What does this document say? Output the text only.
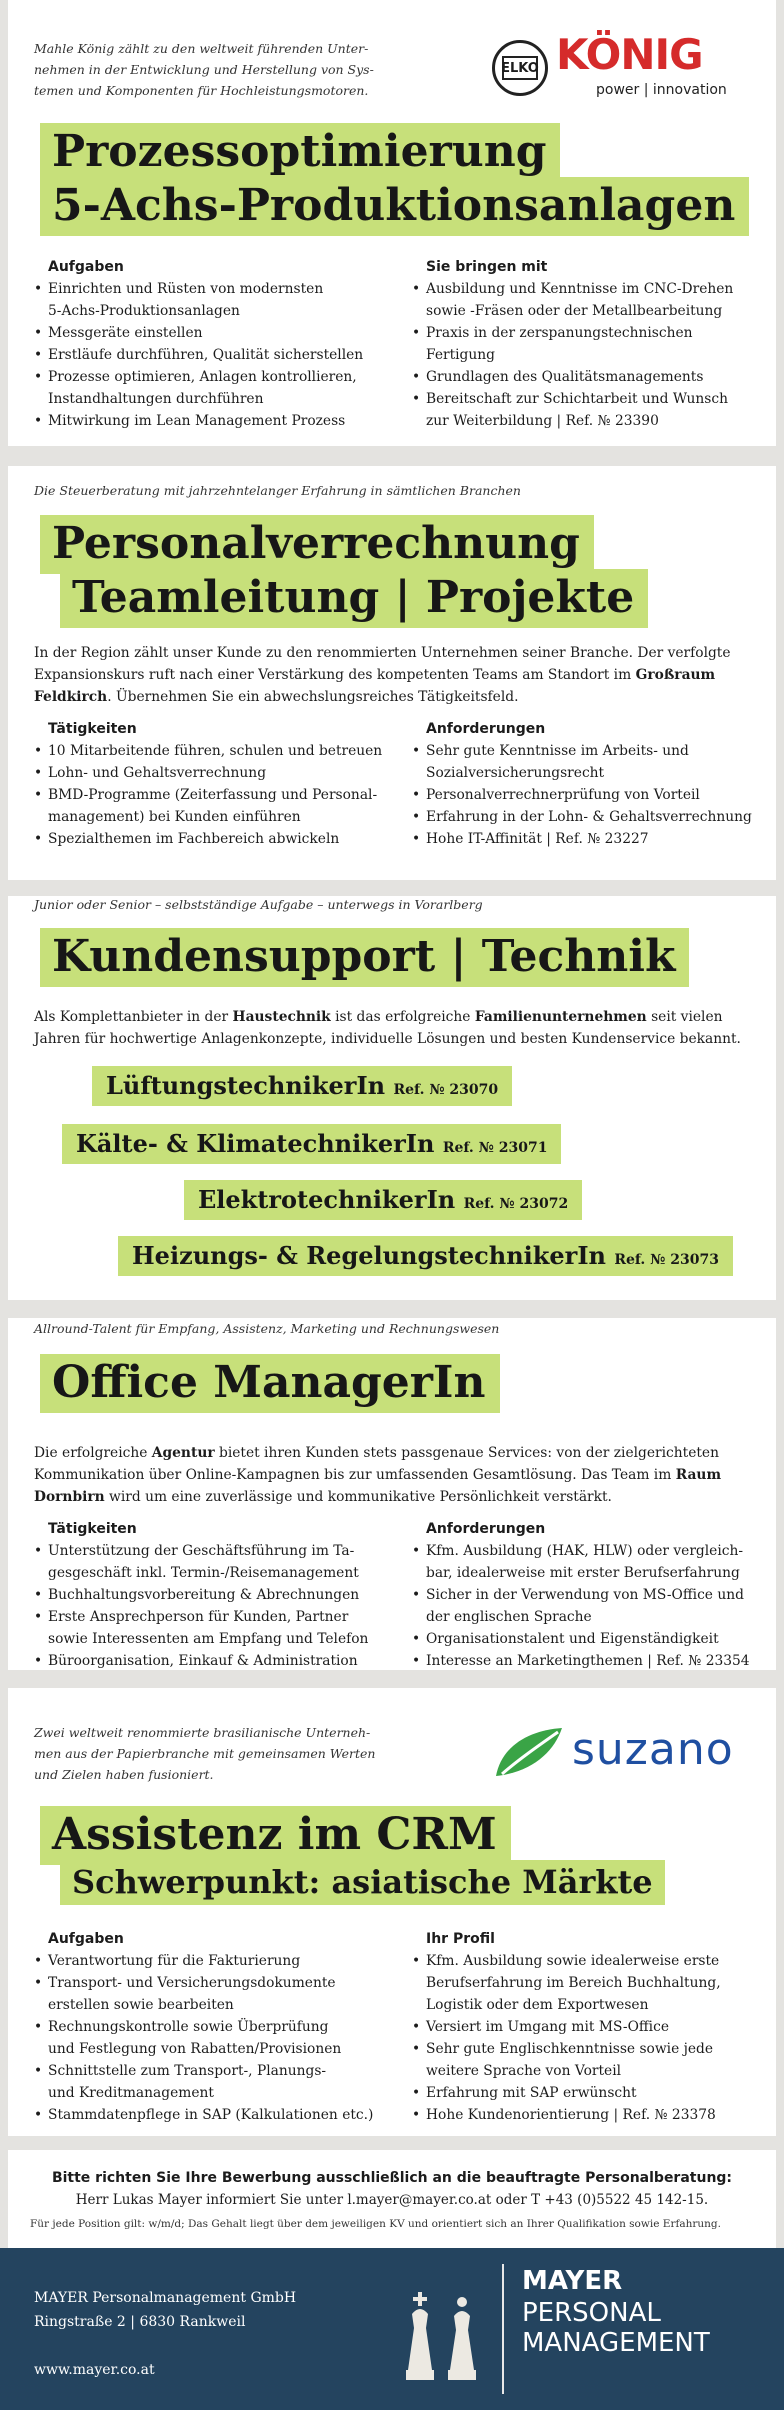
Mahle König zählt zu den weltweit führenden Unter-
nehmen in der Entwicklung und Herstellung von Sys-
temen und Komponenten für Hochleistungsmotoren.
ELKO KÖNIG
power | innovation
Prozessoptimierung
5-Achs-Produktionsanlagen
Aufgaben
• Einrichten und Rüsten von modernsten
5-Achs-Produktionsanlagen
• Messgeräte einstellen
• Erstläufe durchführen, Qualität sicherstellen
• Prozesse optimieren, Anlagen kontrollieren,
Instandhaltungen durchführen
• Mitwirkung im Lean Management Prozess
Sie bringen mit
• Ausbildung und Kenntnisse im CNC-Drehen
sowie -Fräsen oder der Metallbearbeitung
• Praxis in der zerspanungstechnischen
Fertigung
• Grundlagen des Qualitätsmanagements
• Bereitschaft zur Schichtarbeit und Wunsch
zur Weiterbildung | Ref. № 23390
Die Steuerberatung mit jahrzehntelanger Erfahrung in sämtlichen Branchen
Personalverrechnung
Teamleitung | Projekte
In der Region zählt unser Kunde zu den renommierten Unternehmen seiner Branche. Der verfolgte
Expansionskurs ruft nach einer Verstärkung des kompetenten Teams am Standort im Großraum
Feldkirch. Übernehmen Sie ein abwechslungsreiches Tätigkeitsfeld.
Tätigkeiten
• 10 Mitarbeitende führen, schulen und betreuen
• Lohn- und Gehaltsverrechnung
• BMD-Programme (Zeiterfassung und Personal-
management) bei Kunden einführen
• Spezialthemen im Fachbereich abwickeln
Anforderungen
• Sehr gute Kenntnisse im Arbeits- und
Sozialversicherungsrecht
• Personalverrechnerprüfung von Vorteil
• Erfahrung in der Lohn- & Gehaltsverrechnung
• Hohe IT-Affinität | Ref. № 23227
Junior oder Senior – selbstständige Aufgabe – unterwegs in Vorarlberg
Kundensupport | Technik
Als Komplettanbieter in der Haustechnik ist das erfolgreiche Familienunternehmen seit vielen
Jahren für hochwertige Anlagenkonzepte, individuelle Lösungen und besten Kundenservice bekannt.
LüftungstechnikerIn Ref. № 23070
Kälte- & KlimatechnikerIn Ref. № 23071
ElektrotechnikerIn Ref. № 23072
Heizungs- & RegelungstechnikerIn Ref. № 23073
Allround-Talent für Empfang, Assistenz, Marketing und Rechnungswesen
Office ManagerIn
Die erfolgreiche Agentur bietet ihren Kunden stets passgenaue Services: von der zielgerichteten
Kommunikation über Online-Kampagnen bis zur umfassenden Gesamtlösung. Das Team im Raum
Dornbirn wird um eine zuverlässige und kommunikative Persönlichkeit verstärkt.
Tätigkeiten
• Unterstützung der Geschäftsführung im Ta-
gesgeschäft inkl. Termin-/Reisemanagement
• Buchhaltungsvorbereitung & Abrechnungen
• Erste Ansprechperson für Kunden, Partner
sowie Interessenten am Empfang und Telefon
• Büroorganisation, Einkauf & Administration
Anforderungen
• Kfm. Ausbildung (HAK, HLW) oder vergleich-
bar, idealerweise mit erster Berufserfahrung
• Sicher in der Verwendung von MS-Office und
der englischen Sprache
• Organisationstalent und Eigenständigkeit
• Interesse an Marketingthemen | Ref. № 23354
Zwei weltweit renommierte brasilianische Unterneh-
men aus der Papierbranche mit gemeinsamen Werten
und Zielen haben fusioniert.	suzano
Assistenz im CRM
Schwerpunkt: asiatische Märkte
Aufgaben
• Verantwortung für die Fakturierung
• Transport- und Versicherungsdokumente
erstellen sowie bearbeiten
• Rechnungskontrolle sowie Überprüfung
und Festlegung von Rabatten/Provisionen
• Schnittstelle zum Transport-, Planungs-
und Kreditmanagement
• Stammdatenpflege in SAP (Kalkulationen etc.)
Ihr Profil
• Kfm. Ausbildung sowie idealerweise erste
Berufserfahrung im Bereich Buchhaltung,
Logistik oder dem Exportwesen
• Versiert im Umgang mit MS-Office
• Sehr gute Englischkenntnisse sowie jede
weitere Sprache von Vorteil
• Erfahrung mit SAP erwünscht
• Hohe Kundenorientierung | Ref. № 23378
Bitte richten Sie Ihre Bewerbung ausschließlich an die beauftragte Personalberatung:
Herr Lukas Mayer informiert Sie unter l.mayer@mayer.co.at oder T +43 (0)5522 45 142-15.
Für jede Position gilt: w/m/d; Das Gehalt liegt über dem jeweiligen KV und orientiert sich an Ihrer Qualifikation sowie Erfahrung.
MAYER Personalmanagement GmbH
Ringstraße 2 | 6830 Rankweil
www.mayer.co.at
MAYER
PERSONAL
MANAGEMENT
